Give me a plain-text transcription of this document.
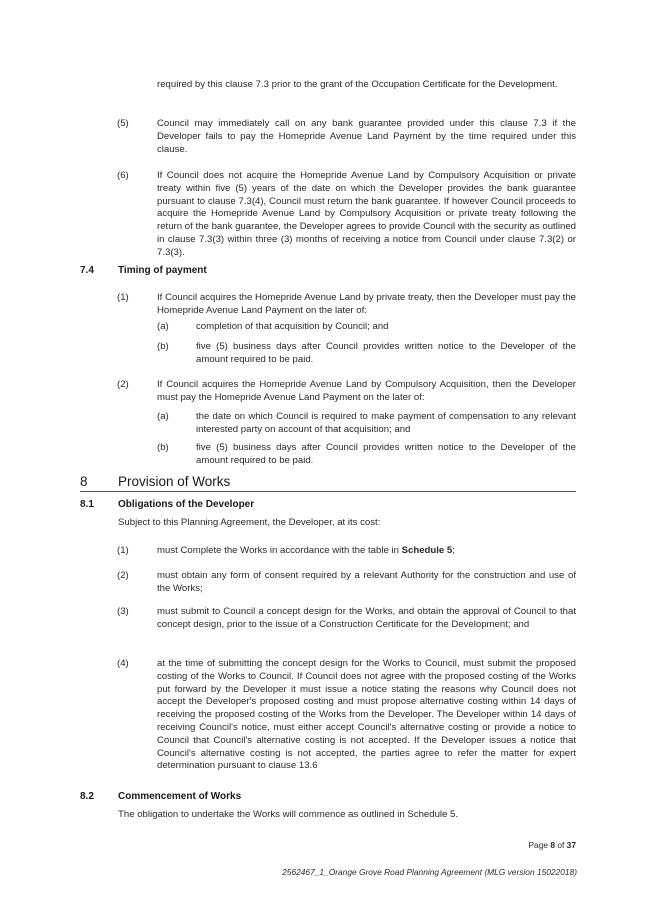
required by this clause 7.3 prior to the grant of the Occupation Certificate for the Development.

(5)	Council may immediately call on any bank guarantee provided under this clause 7.3 if the Developer fails to pay the Homepride Avenue Land Payment by the time required under this clause.

(6)	If Council does not acquire the Homepride Avenue Land by Compulsory Acquisition or private treaty within five (5) years of the date on which the Developer provides the bank guarantee pursuant to clause 7.3(4), Council must return the bank guarantee. If however Council proceeds to acquire the Homepride Avenue Land by Compulsory Acquisition or private treaty following the return of the bank guarantee, the Developer agrees to provide Council with the security as outlined in clause 7.3(3) within three (3) months of receiving a notice from Council under clause 7.3(2) or 7.3(3).

7.4 Timing of payment
(1)	If Council acquires the Homepride Avenue Land by private treaty, then the Developer must pay the Homepride Avenue Land Payment on the later of:

(a)	completion of that acquisition by Council; and

(b)	five (5) business days after Council provides written notice to the Developer of the amount required to be paid.

(2)	If Council acquires the Homepride Avenue Land by Compulsory Acquisition, then the Developer must pay the Homepride Avenue Land Payment on the later of:

(a)	the date on which Council is required to make payment of compensation to any relevant interested party on account of that acquisition; and

(b)	five (5) business days after Council provides written notice to the Developer of the amount required to be paid.

8 Provision of Works
8.1 Obligations of the Developer

Subject to this Planning Agreement, the Developer, at its cost:

(1)	must Complete the Works in accordance with the table in Schedule 5;

(2)	must obtain any form of consent required by a relevant Authority for the construction and use of the Works;

(3)	must submit to Council a concept design for the Works, and obtain the approval of Council to that concept design, prior to the issue of a Construction Certificate for the Development; and

(4)	at the time of submitting the concept design for the Works to Council, must submit the proposed costing of the Works to Council. If Council does not agree with the proposed costing of the Works put forward by the Developer it must issue a notice stating the reasons why Council does not accept the Developer's proposed costing and must propose alternative costing within 14 days of receiving the proposed costing of the Works from the Developer. The Developer within 14 days of receiving Council's notice, must either accept Council's alternative costing or provide a notice to Council that Council's alternative costing is not accepted. If the Developer issues a notice that Council's alternative costing is not accepted, the parties agree to refer the matter for expert determination pursuant to clause 13.6

8.2 Commencement of Works

The obligation to undertake the Works will commence as outlined in Schedule 5.

Page 8 of 37
2562467_1_Orange Grove Road Planning Agreement (MLG version 15022018)
